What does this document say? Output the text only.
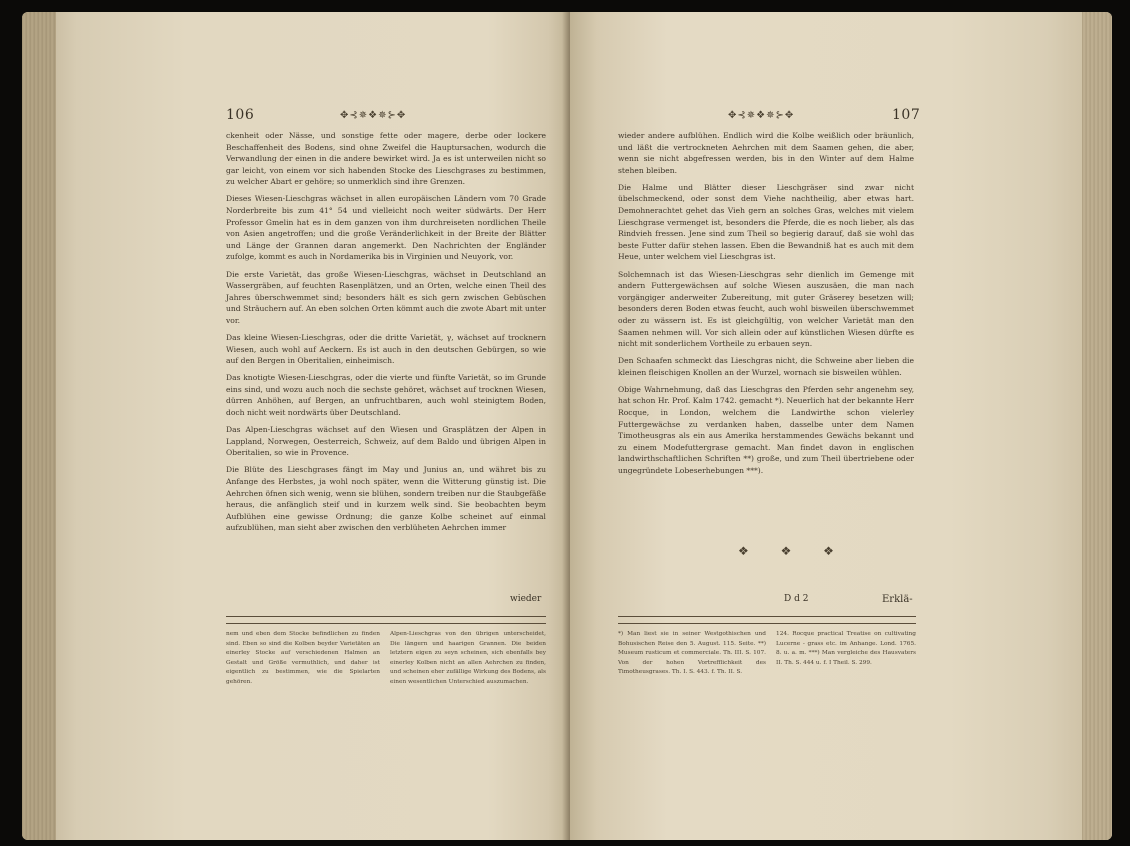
106	✥⊰✵❖✵⊱✥

ckenheit oder Nässe, und sonstige fette oder magere, derbe oder lockere Beschaffenheit des Bodens, sind ohne Zweifel die Hauptursachen, wodurch die Verwandlung der einen in die andere bewirket wird. Ja es ist unterweilen nicht so gar leicht, von einem vor sich habenden Stocke des Lieschgrases zu bestimmen, zu welcher Abart er gehöre; so unmerklich sind ihre Grenzen.

Dieses Wiesen-Lieschgras wächset in allen europäischen Ländern vom 70 Grade Norderbreite bis zum 41° 54 und vielleicht noch weiter südwärts. Der Herr Professor Gmelin hat es in dem ganzen von ihm durchreiseten nordlichen Theile von Asien angetroffen; und die große Veränderlichkeit in der Breite der Blätter und Länge der Grannen daran angemerkt. Den Nachrichten der Engländer zufolge, kommt es auch in Nordamerika bis in Virginien und Neuyork, vor.

Die erste Varietät, das große Wiesen-Lieschgras, wächset in Deutschland an Wassergräben, auf feuchten Rasenplätzen, und an Orten, welche einen Theil des Jahres überschwemmet sind; besonders hält es sich gern zwischen Gebüschen und Sträuchern auf. An eben solchen Orten kömmt auch die zwote Abart mit unter vor.

Das kleine Wiesen-Lieschgras, oder die dritte Varietät, γ, wächset auf trocknern Wiesen, auch wohl auf Aeckern. Es ist auch in den deutschen Gebürgen, so wie auf den Bergen in Oberitalien, einheimisch.

Das knotigte Wiesen-Lieschgras, oder die vierte und fünfte Varietät, so im Grunde eins sind, und wozu auch noch die sechste gehöret, wächset auf trocknen Wiesen, dürren Anhöhen, auf Bergen, an unfruchtbaren, auch wohl steinigtem Boden, doch nicht weit nordwärts über Deutschland.

Das Alpen-Lieschgras wächset auf den Wiesen und Grasplätzen der Alpen in Lappland, Norwegen, Oesterreich, Schweiz, auf dem Baldo und übrigen Alpen in Oberitalien, so wie in Provence.

Die Blüte des Lieschgrases fängt im May und Junius an, und währet bis zu Anfange des Herbstes, ja wohl noch später, wenn die Witterung günstig ist. Die Aehrchen öfnen sich wenig, wenn sie blühen, sondern treiben nur die Staubgefäße heraus, die anfänglich steif und in kurzem welk sind. Sie beobachten beym Aufblühen eine gewisse Ordnung; die ganze Kolbe scheinet auf einmal aufzublühen, man sieht aber zwischen den verblüheten Aehrchen immer

wieder

nem und eben dem Stocke befindlichen zu finden sind. Eben so sind die Kolben beyder Varietäten an einerley Stocke auf verschiedenen Halmen an Gestalt und Größe vermuthlich, und daher ist eigentlich zu bestimmen, wie die Spielarten gehören.

Alpen-Lieschgras von den übrigen unterscheidet, Die längern und haarigen Grannen. Die beiden letztern eigen zu seyn scheinen, sich ebenfalls bey einerley Kolben nicht an allen Aehrchen zu finden, und scheinen eher zufällige Wirkung des Bodens, als einen wesentlichen Unterschied auszumachen.

✥⊰✵❖✵⊱✥	107

wieder andere aufblühen. Endlich wird die Kolbe weißlich oder bräunlich, und läßt die vertrockneten Aehrchen mit dem Saamen gehen, die aber, wenn sie nicht abgefressen werden, bis in den Winter auf dem Halme stehen bleiben.

Die Halme und Blätter dieser Lieschgräser sind zwar nicht übelschmeckend, oder sonst dem Viehe nachtheilig, aber etwas hart. Demohnerachtet gehet das Vieh gern an solches Gras, welches mit vielem Lieschgrase vermenget ist, besonders die Pferde, die es noch lieber, als das Rindvieh fressen. Jene sind zum Theil so begierig darauf, daß sie wohl das beste Futter dafür stehen lassen. Eben die Bewandniß hat es auch mit dem Heue, unter welchem viel Lieschgras ist.

Solchemnach ist das Wiesen-Lieschgras sehr dienlich im Gemenge mit andern Futtergewächsen auf solche Wiesen auszusäen, die man nach vorgängiger anderweiter Zubereitung, mit guter Gräserey besetzen will; besonders deren Boden etwas feucht, auch wohl bisweilen überschwemmet oder zu wässern ist. Es ist gleichgültig, von welcher Varietät man den Saamen nehmen will. Vor sich allein oder auf künstlichen Wiesen dürfte es nicht mit sonderlichem Vortheile zu erbauen seyn.

Den Schaafen schmeckt das Lieschgras nicht, die Schweine aber lieben die kleinen fleischigen Knollen an der Wurzel, wornach sie bisweilen wühlen.

Obige Wahrnehmung, daß das Lieschgras den Pferden sehr angenehm sey, hat schon Hr. Prof. Kalm 1742. gemacht *). Neuerlich hat der bekannte Herr Rocque, in London, welchem die Landwirthe schon vielerley Futtergewächse zu verdanken haben, dasselbe unter dem Namen Timotheusgras als ein aus Amerika herstammendes Gewächs bekannt und zu einem Modefuttergrase gemacht. Man findet davon in englischen landwirthschaftlichen Schriften **) große, und zum Theil übertriebene oder ungegründete Lobeserhebungen ***).

❖ ❖ ❖
D d 2	Erklä-

*) Man liest sie in seiner Westgothischen und Bohusischen Reise den 5. August. 115. Seite. **) Museum rusticum et commerciale. Th. III. S. 107. Von der hohen Vortrefflichkeit des Timotheusgrases. Th. I. S. 443. f. Th. II. S.

124. Rocque practical Treatise on cultivating Lucerne - grass etc. im Anhange. Lond. 1765. 8. u. a. m. ***) Man vergleiche des Hausvaters II. Th. S. 444 u. f. I Theil. S. 299.
